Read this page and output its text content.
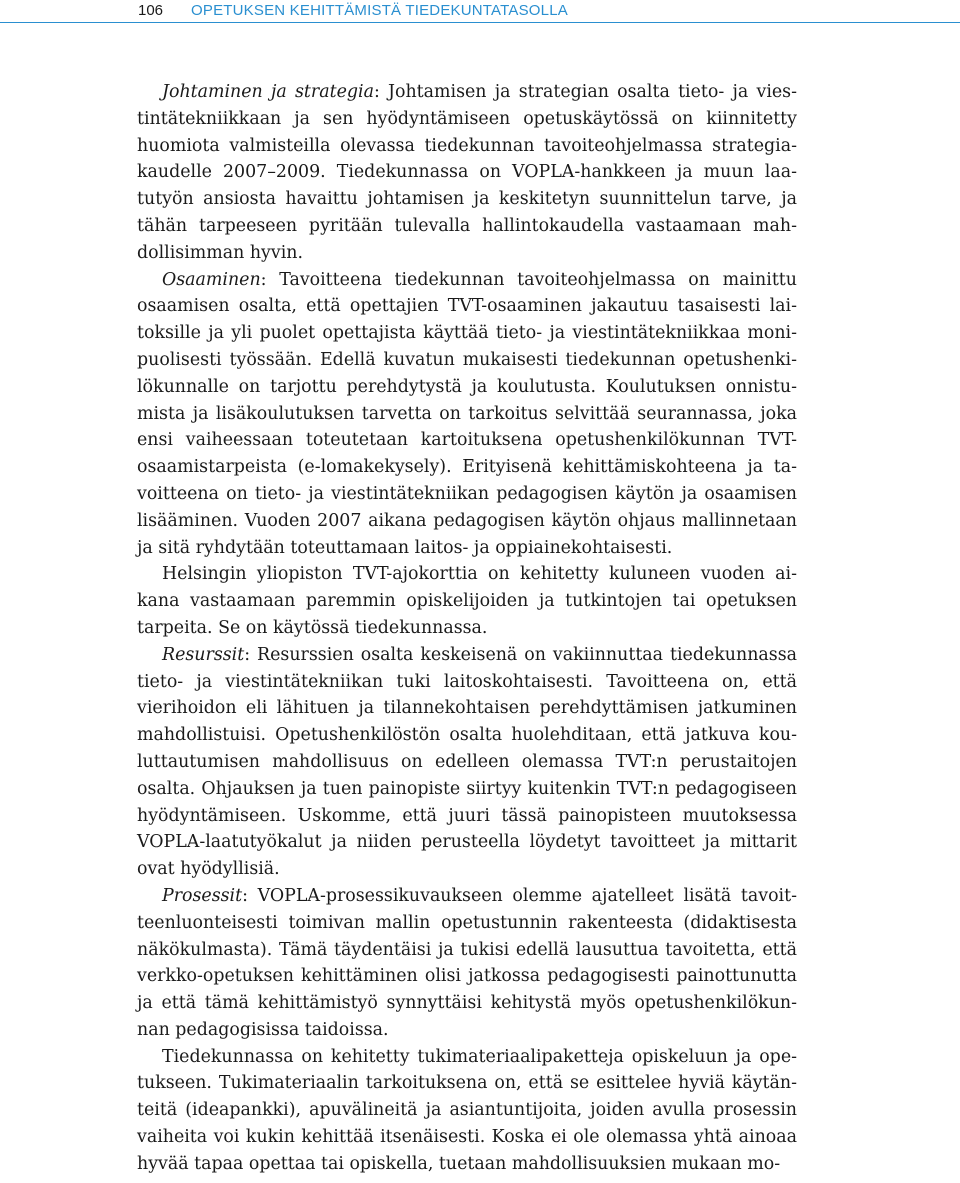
106 OPETUKSEN KEHITTÄMISTÄ TIEDEKUNTATASOLLA

Johtaminen ja strategia: Johtamisen ja strategian osalta tieto- ja viestintätekniikkaan ja sen hyödyntämiseen opetuskäytössä on kiinnitetty huomiota valmisteilla olevassa tiedekunnan tavoiteohjelmassa strategiakaudelle 2007–2009. Tiedekunnassa on VOPLA-hankkeen ja muun laatutyön ansiosta havaittu johtamisen ja keskitetyn suunnittelun tarve, ja tähän tarpeeseen pyritään tulevalla hallintokaudella vastaamaan mahdollisimman hyvin.

Osaaminen: Tavoitteena tiedekunnan tavoiteohjelmassa on mainittu osaamisen osalta, että opettajien TVT-osaaminen jakautuu tasaisesti laitoksille ja yli puolet opettajista käyttää tieto- ja viestintätekniikkaa monipuolisesti työssään. Edellä kuvatun mukaisesti tiedekunnan opetushenkilökunnalle on tarjottu perehdytystä ja koulutusta. Koulutuksen onnistumista ja lisäkoulutuksen tarvetta on tarkoitus selvittää seurannassa, joka ensi vaiheessaan toteutetaan kartoituksena opetushenkilökunnan TVT-osaamistarpeista (e-lomakekysely). Erityisenä kehittämiskohteena ja tavoitteena on tieto- ja viestintätekniikan pedagogisen käytön ja osaamisen lisääminen. Vuoden 2007 aikana pedagogisen käytön ohjaus mallinnetaan ja sitä ryhdytään toteuttamaan laitos- ja oppiainekohtaisesti.

Helsingin yliopiston TVT-ajokorttia on kehitetty kuluneen vuoden aikana vastaamaan paremmin opiskelijoiden ja tutkintojen tai opetuksen tarpeita. Se on käytössä tiedekunnassa.

Resurssit: Resurssien osalta keskeisenä on vakiinnuttaa tiedekunnassa tieto- ja viestintätekniikan tuki laitoskohtaisesti. Tavoitteena on, että vierihoidon eli lähituen ja tilannekohtaisen perehdyttämisen jatkuminen mahdollistuisi. Opetushenkilöstön osalta huolehditaan, että jatkuva kouluttautumisen mahdollisuus on edelleen olemassa TVT:n perustaitojen osalta. Ohjauksen ja tuen painopiste siirtyy kuitenkin TVT:n pedagogiseen hyödyntämiseen. Uskomme, että juuri tässä painopisteen muutoksessa VOPLA-laatutyökalut ja niiden perusteella löydetyt tavoitteet ja mittarit ovat hyödyllisiä.

Prosessit: VOPLA-prosessikuvaukseen olemme ajatelleet lisätä tavoitteenluonteisesti toimivan mallin opetustunnin rakenteesta (didaktisesta näkökulmasta). Tämä täydentäisi ja tukisi edellä lausuttua tavoitetta, että verkko-opetuksen kehittäminen olisi jatkossa pedagogisesti painottunutta ja että tämä kehittämistyö synnyttäisi kehitystä myös opetushenkilökunnan pedagogisissa taidoissa.

Tiedekunnassa on kehitetty tukimateriaalipaketteja opiskeluun ja opetukseen. Tukimateriaalin tarkoituksena on, että se esittelee hyviä käytänteitä (ideapankki), apuvälineitä ja asiantuntijoita, joiden avulla prosessin vaiheita voi kukin kehittää itsenäisesti. Koska ei ole olemassa yhtä ainoaa hyvää tapaa opettaa tai opiskella, tuetaan mahdollisuuksien mukaan mo-
